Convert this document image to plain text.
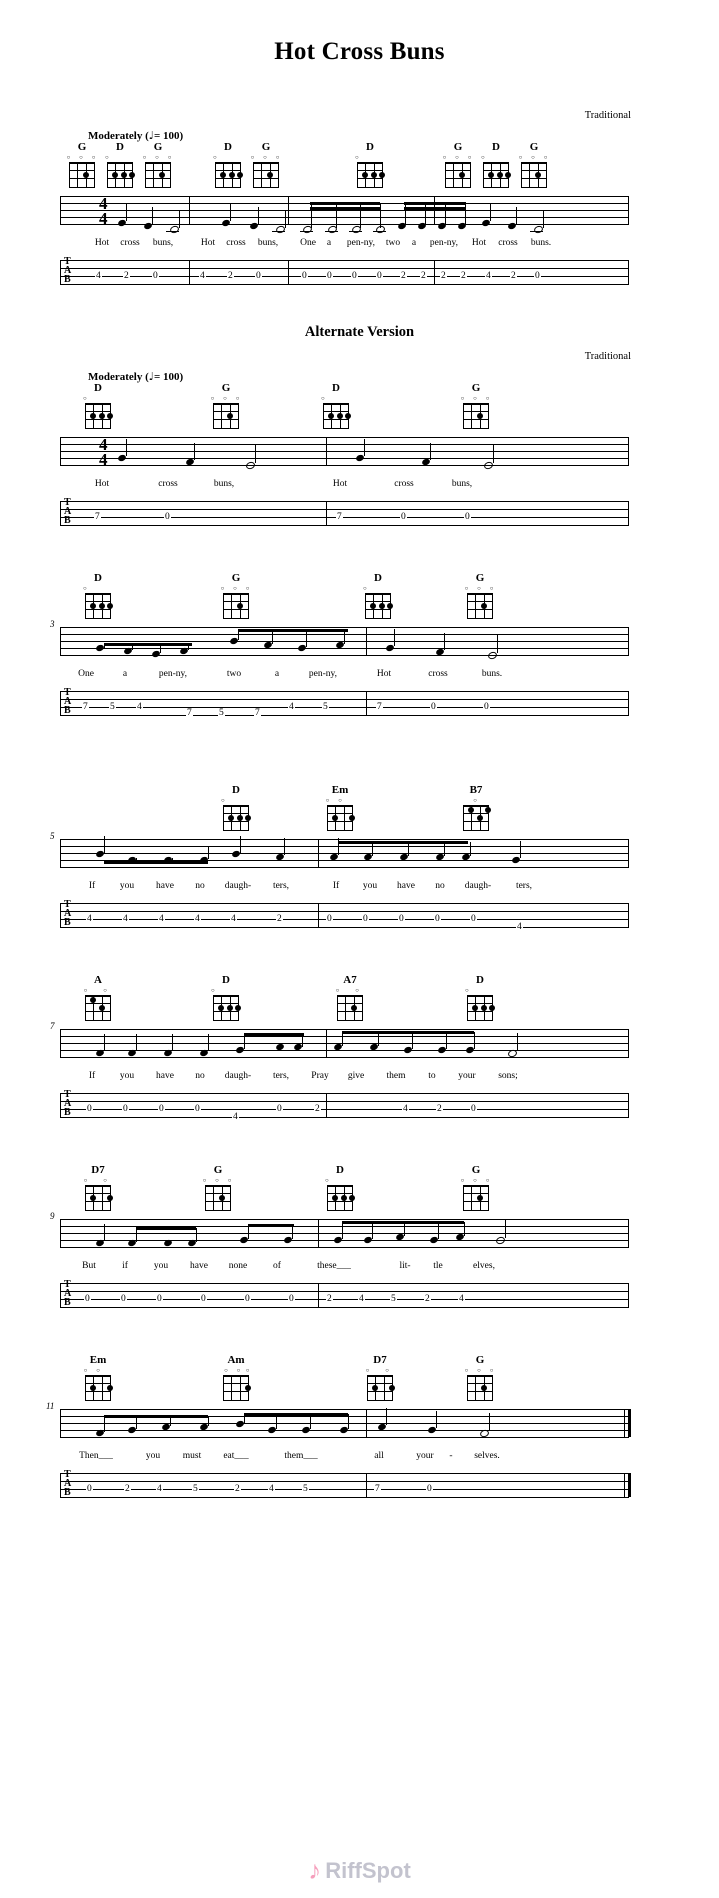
Hot Cross Buns
Traditional
Moderately (♩= 100)
G
○  ○  ○
D
○
G
○  ○  ○
D
○
G
○  ○  ○
D
○
G
○  ○  ○
D
○
G
○  ○  ○
4
4
Hot	cross	buns,	Hot	cross	buns,	One	a	pen-ny,	two	a	pen-ny,	Hot	cross	buns.
T
A
B	4 2	0	4 2 0	0 0 0 0 2 2 2 2 4 2 0
Alternate Version
Traditional
Moderately (♩= 100)
D
○
G
○  ○  ○
D
○
G
○  ○  ○
4
4
Hot	cross	buns,	Hot	cross	buns,
T
A
B	7	0	7	0	0
D
○
G
○  ○  ○
D
○
G
○  ○  ○
3
One	a	pen-ny,	two	a	pen-ny,	Hot	cross	buns.
T
A
B 7 5 4
7	5	7
4	5	7	0	0
D
○
Em
○  ○
B7
○
5
If	you	have	no	daugh-	ters,	If	you	have	no	daugh-	ters,
T
A
B 4	4	4	4	4	2	0	0	0	0	0
4
A
○    ○
D
○
A7
○    ○
D
○
7
If	you	have	no	daugh-	ters,	Pray	give	them	to	your	sons;
T
A
B 0	0	0	0
4
0	2	4	2	0
D7
○    ○
G
○  ○  ○
D
○
G
○  ○  ○
9
But	if	you	have	none	of	these___	lit-	tle	elves,
T
A
B 0	0	0	0	0	0	2	4	5	2	4
Em
○  ○
Am
○  ○ ○
D7
○    ○
G
○  ○  ○
11
Then___	you	must	eat___	them___	all	your	-	selves.
T
A
B 0	2	4	5	2	4	5	7	0
♪ RiffSpot
